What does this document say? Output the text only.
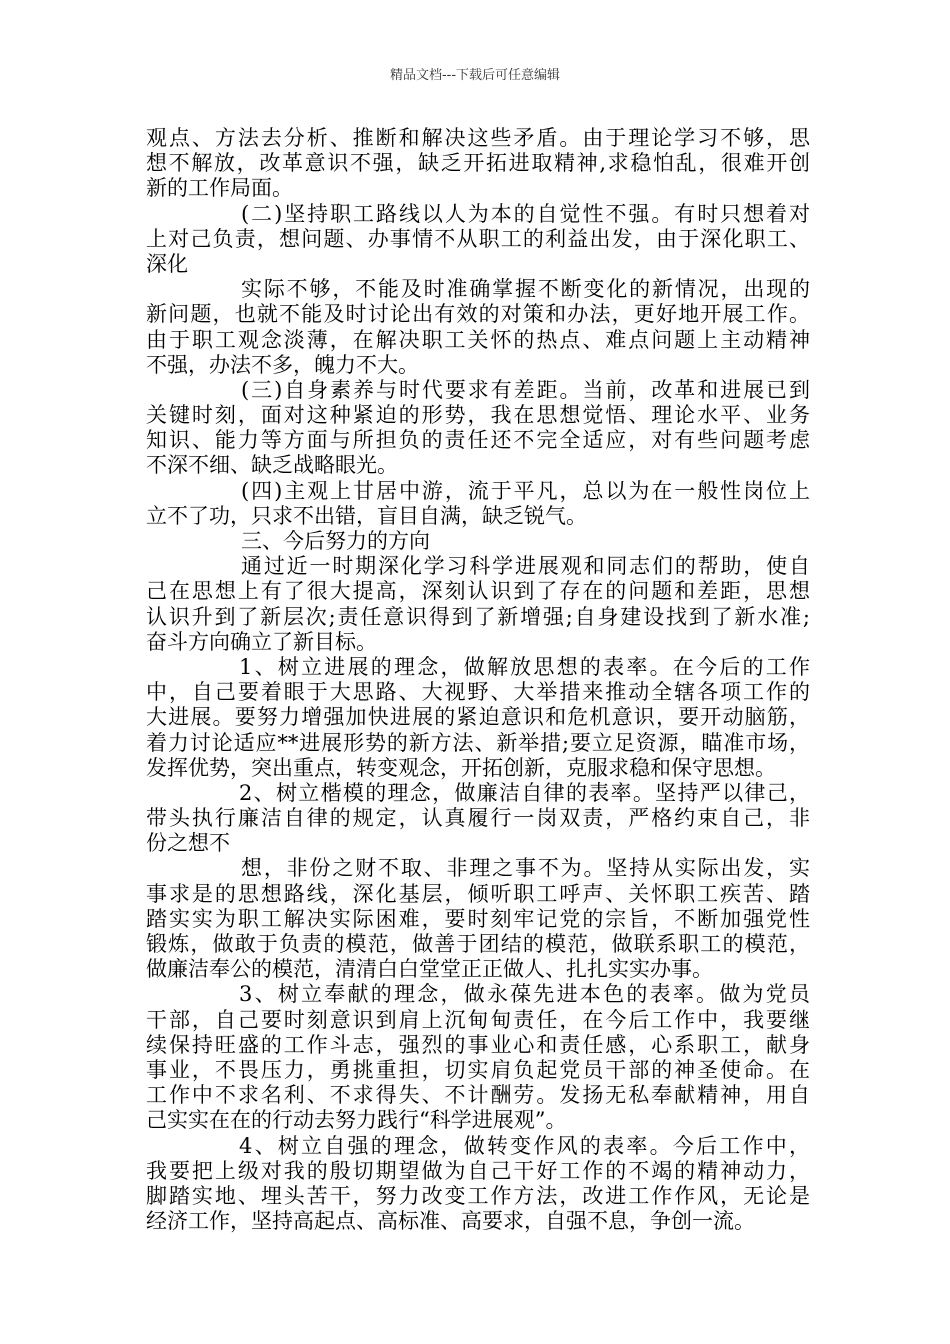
精品文档---下载后可任意编辑
观点、方法去分析、推断和解决这些矛盾。由于理论学习不够，思
想不解放，改革意识不强，缺乏开拓进取精神,求稳怕乱，很难开创
新的工作局面。
(二)坚持职工路线以人为本的自觉性不强。有时只想着对
上对己负责，想问题、办事情不从职工的利益出发，由于深化职工、
深化
实际不够，不能及时准确掌握不断变化的新情况，出现的
新问题，也就不能及时讨论出有效的对策和办法，更好地开展工作。
由于职工观念淡薄，在解决职工关怀的热点、难点问题上主动精神
不强，办法不多，魄力不大。
(三)自身素养与时代要求有差距。当前，改革和进展已到
关键时刻，面对这种紧迫的形势，我在思想觉悟、理论水平、业务
知识、能力等方面与所担负的责任还不完全适应，对有些问题考虑
不深不细、缺乏战略眼光。
(四)主观上甘居中游，流于平凡，总以为在一般性岗位上
立不了功，只求不出错，盲目自满，缺乏锐气。
三、今后努力的方向
通过近一时期深化学习科学进展观和同志们的帮助，使自
己在思想上有了很大提高，深刻认识到了存在的问题和差距，思想
认识升到了新层次;责任意识得到了新增强;自身建设找到了新水准;
奋斗方向确立了新目标。
1、树立进展的理念，做解放思想的表率。在今后的工作
中，自己要着眼于大思路、大视野、大举措来推动全辖各项工作的
大进展。要努力增强加快进展的紧迫意识和危机意识，要开动脑筋，
着力讨论适应**进展形势的新方法、新举措;要立足资源，瞄准市场，
发挥优势，突出重点，转变观念，开拓创新，克服求稳和保守思想。
2、树立楷模的理念，做廉洁自律的表率。坚持严以律己，
带头执行廉洁自律的规定，认真履行一岗双责，严格约束自己，非
份之想不
想，非份之财不取、非理之事不为。坚持从实际出发，实
事求是的思想路线，深化基层，倾听职工呼声、关怀职工疾苦、踏
踏实实为职工解决实际困难，要时刻牢记党的宗旨，不断加强党性
锻炼，做敢于负责的模范，做善于团结的模范，做联系职工的模范，
做廉洁奉公的模范，清清白白堂堂正正做人、扎扎实实办事。
3、树立奉献的理念，做永葆先进本色的表率。做为党员
干部，自己要时刻意识到肩上沉甸甸责任，在今后工作中，我要继
续保持旺盛的工作斗志，强烈的事业心和责任感，心系职工，献身
事业，不畏压力，勇挑重担，切实肩负起党员干部的神圣使命。在
工作中不求名利、不求得失、不计酬劳。发扬无私奉献精神，用自
己实实在在的行动去努力践行“科学进展观”。
4、树立自强的理念，做转变作风的表率。今后工作中，
我要把上级对我的殷切期望做为自己干好工作的不竭的精神动力，
脚踏实地、埋头苦干，努力改变工作方法，改进工作作风，无论是
经济工作，坚持高起点、高标准、高要求，自强不息，争创一流。
